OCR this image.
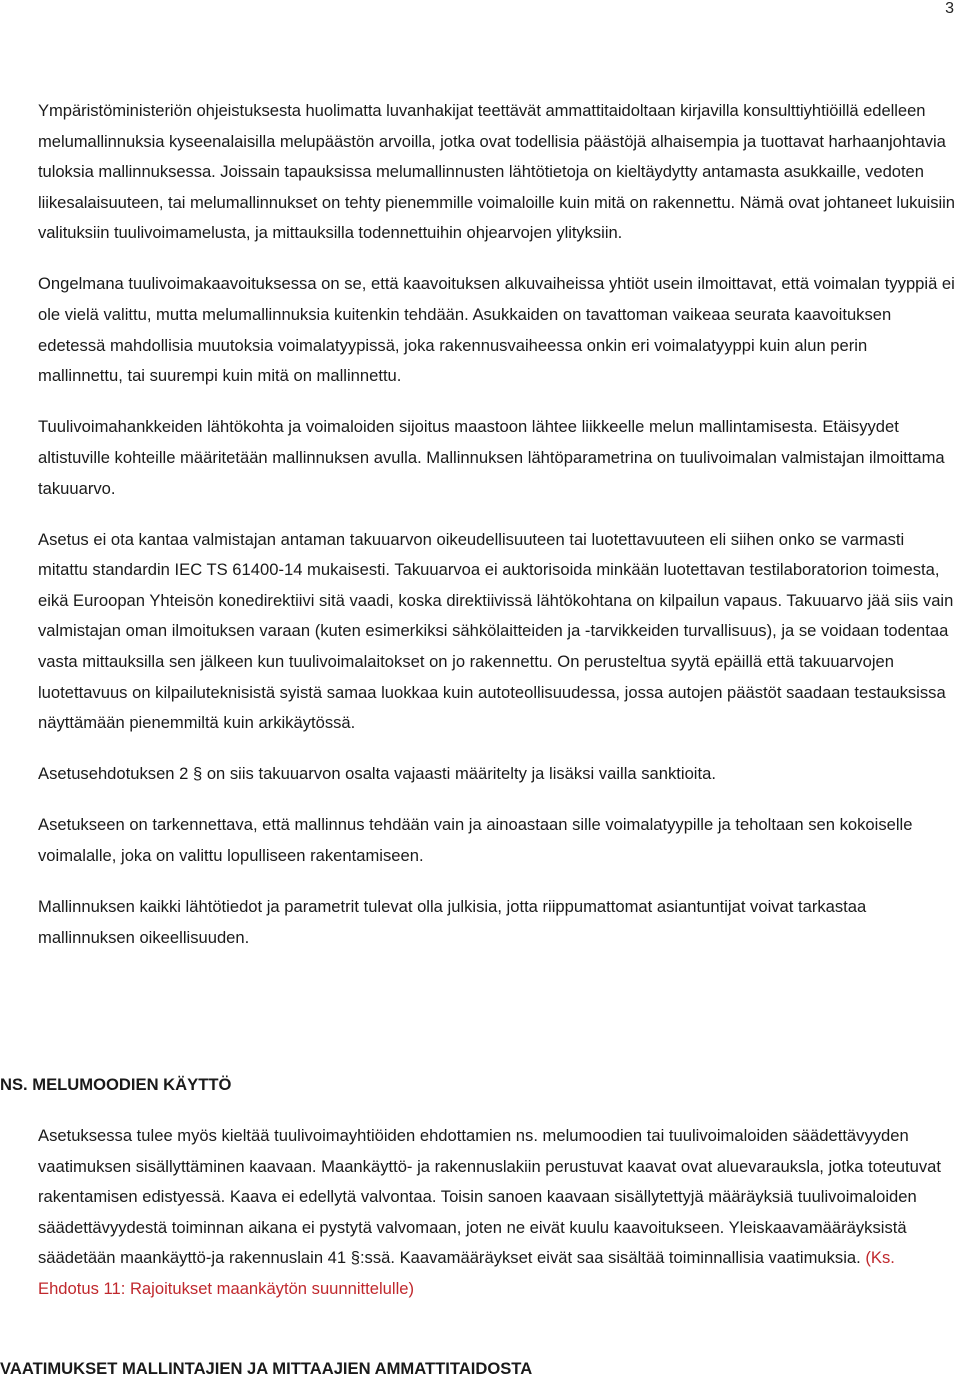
3

Ympäristöministeriön ohjeistuksesta huolimatta luvanhakijat teettävät ammattitaidoltaan kirjavilla konsulttiyhtiöillä edelleen melumallinnuksia kyseenalaisilla melupäästön arvoilla, jotka ovat todellisia päästöjä alhaisempia ja tuottavat harhaanjohtavia tuloksia mallinnuksessa. Joissain tapauksissa melumallinnusten lähtötietoja on kieltäydytty antamasta asukkaille, vedoten liikesalaisuuteen, tai melumallinnukset on tehty pienemmille voimaloille kuin mitä on rakennettu. Nämä ovat johtaneet lukuisiin valituksiin tuulivoimamelusta, ja mittauksilla todennettuihin ohjearvojen ylityksiin.

Ongelmana tuulivoimakaavoituksessa on se, että kaavoituksen alkuvaiheissa yhtiöt usein ilmoittavat, että voimalan tyyppiä ei ole vielä valittu, mutta melumallinnuksia kuitenkin tehdään. Asukkaiden on tavattoman vaikeaa seurata kaavoituksen edetessä mahdollisia muutoksia voimalatyypissä, joka rakennusvaiheessa onkin eri voimalatyyppi kuin alun perin mallinnettu, tai suurempi kuin mitä on mallinnettu.

Tuulivoimahankkeiden lähtökohta ja voimaloiden sijoitus maastoon lähtee liikkeelle melun mallintamisesta. Etäisyydet altistuville kohteille määritetään mallinnuksen avulla. Mallinnuksen lähtöparametrina on tuulivoimalan valmistajan ilmoittama takuuarvo.

Asetus ei ota kantaa valmistajan antaman takuuarvon oikeudellisuuteen tai luotettavuuteen eli siihen onko se varmasti mitattu standardin IEC TS 61400-14 mukaisesti. Takuuarvoa ei auktorisoida minkään luotettavan testilaboratorion toimesta, eikä Euroopan Yhteisön konedirektiivi sitä vaadi, koska direktiivissä lähtökohtana on kilpailun vapaus. Takuuarvo jää siis vain valmistajan oman ilmoituksen varaan (kuten esimerkiksi sähkölaitteiden ja -tarvikkeiden turvallisuus), ja se voidaan todentaa vasta mittauksilla sen jälkeen kun tuulivoimalaitokset on jo rakennettu. On perusteltua syytä epäillä että takuuarvojen luotettavuus on kilpailuteknisistä syistä samaa luokkaa kuin autoteollisuudessa, jossa autojen päästöt saadaan testauksissa näyttämään pienemmiltä kuin arkikäytössä.

Asetusehdotuksen 2 § on siis takuuarvon osalta vajaasti määritelty ja lisäksi vailla sanktioita.

Asetukseen on tarkennettava, että mallinnus tehdään vain ja ainoastaan sille voimalatyypille ja teholtaan sen kokoiselle voimalalle, joka on valittu lopulliseen rakentamiseen.

Mallinnuksen kaikki lähtötiedot ja parametrit tulevat olla julkisia, jotta riippumattomat asiantuntijat voivat tarkastaa mallinnuksen oikeellisuuden.

NS. MELUMOODIEN KÄYTTÖ

Asetuksessa tulee myös kieltää tuulivoimayhtiöiden ehdottamien ns. melumoodien tai tuulivoimaloiden säädettävyyden vaatimuksen sisällyttäminen kaavaan. Maankäyttö- ja rakennuslakiin perustuvat kaavat ovat aluevarauksla, jotka toteutuvat rakentamisen edistyessä. Kaava ei edellytä valvontaa. Toisin sanoen kaavaan sisällytettyjä määräyksiä tuulivoimaloiden säädettävyydestä toiminnan aikana ei pystytä valvomaan, joten ne eivät kuulu kaavoitukseen. Yleiskaavamääräyksistä säädetään maankäyttö-ja rakennuslain 41 §:ssä. Kaavamääräykset eivät saa sisältää toiminnallisia vaatimuksia. (Ks. Ehdotus 11: Rajoitukset maankäytön suunnittelulle)

VAATIMUKSET MALLINTAJIEN JA MITTAAJIEN AMMATTITAIDOSTA
